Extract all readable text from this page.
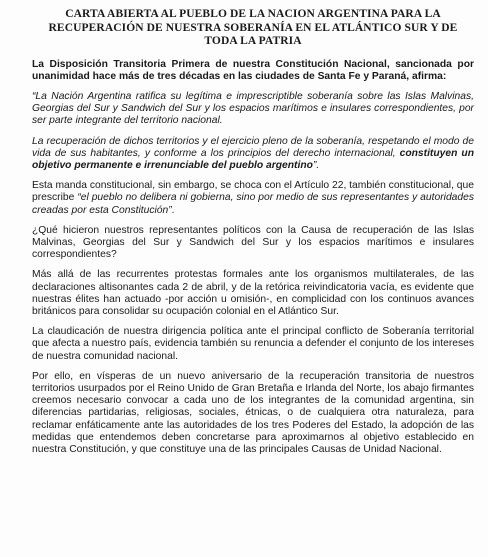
CARTA ABIERTA AL PUEBLO DE LA NACION ARGENTINA PARA LA RECUPERACIÓN DE NUESTRA SOBERANÍA EN EL ATLÁNTICO SUR Y DE TODA LA PATRIA

La Disposición Transitoria Primera de nuestra Constitución Nacional, sancionada por unanimidad hace más de tres décadas en las ciudades de Santa Fe y Paraná, afirma:

“La Nación Argentina ratifica su legítima e imprescriptible soberanía sobre las Islas Malvinas, Georgias del Sur y Sandwich del Sur y los espacios marítimos e insulares correspondientes, por ser parte integrante del territorio nacional.

La recuperación de dichos territorios y el ejercicio pleno de la soberanía, respetando el modo de vida de sus habitantes, y conforme a los principios del derecho internacional, constituyen un objetivo permanente e irrenunciable del pueblo argentino”.

Esta manda constitucional, sin embargo, se choca con el Artículo 22, también constitucional, que prescribe “el pueblo no delibera ni gobierna, sino por medio de sus representantes y autoridades creadas por esta Constitución”.

¿Qué hicieron nuestros representantes políticos con la Causa de recuperación de las Islas Malvinas, Georgias del Sur y Sandwich del Sur y los espacios marítimos e insulares correspondientes?

Más allá de las recurrentes protestas formales ante los organismos multilaterales, de las declaraciones altisonantes cada 2 de abril, y de la retórica reivindicatoria vacía, es evidente que nuestras élites han actuado -por acción u omisión-, en complicidad con los continuos avances británicos para consolidar su ocupación colonial en el Atlántico Sur.

La claudicación de nuestra dirigencia política ante el principal conflicto de Soberanía territorial que afecta a nuestro país, evidencia también su renuncia a defender el conjunto de los intereses de nuestra comunidad nacional.

Por ello, en vísperas de un nuevo aniversario de la recuperación transitoria de nuestros territorios usurpados por el Reino Unido de Gran Bretaña e Irlanda del Norte, los abajo firmantes creemos necesario convocar a cada uno de los integrantes de la comunidad argentina, sin diferencias partidarias, religiosas, sociales, étnicas, o de cualquiera otra naturaleza, para reclamar enfáticamente ante las autoridades de los tres Poderes del Estado, la adopción de las medidas que entendemos deben concretarse para aproximarnos al objetivo establecido en nuestra Constitución, y que constituye una de las principales Causas de Unidad Nacional.
